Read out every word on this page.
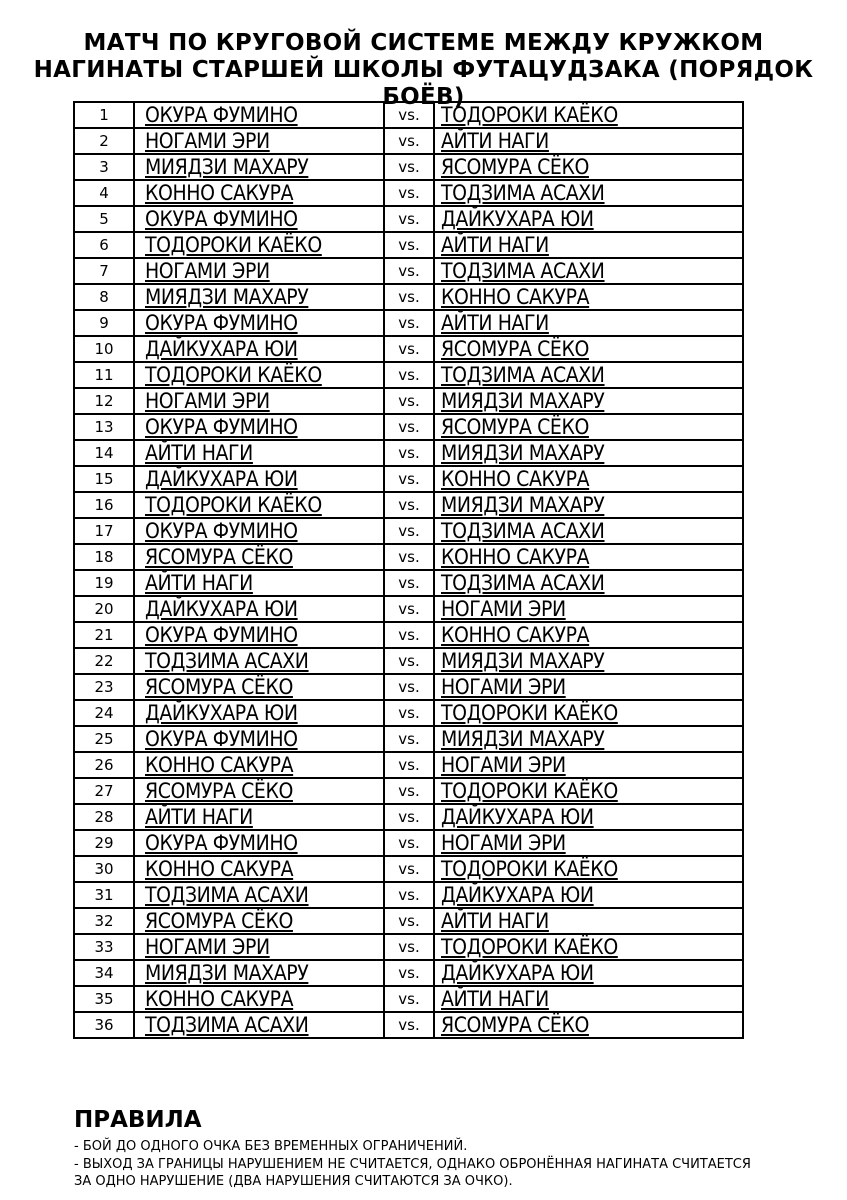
МАТЧ ПО КРУГОВОЙ СИСТЕМЕ МЕЖДУ КРУЖКОМ
НАГИНАТЫ СТАРШЕЙ ШКОЛЫ ФУТАЦУДЗАКА (ПОРЯДОК БОЁВ)
1	ОКУРА ФУМИНО	vs.	ТОДОРОКИ КАЁКО
2	НОГАМИ ЭРИ	vs.	АЙТИ НАГИ
3	МИЯДЗИ МАХАРУ	vs.	ЯСОМУРА СЁКО
4	КОННО САКУРА	vs.	ТОДЗИМА АСАХИ
5	ОКУРА ФУМИНО	vs.	ДАЙКУХАРА ЮИ
6	ТОДОРОКИ КАЁКО	vs.	АЙТИ НАГИ
7	НОГАМИ ЭРИ	vs.	ТОДЗИМА АСАХИ
8	МИЯДЗИ МАХАРУ	vs.	КОННО САКУРА
9	ОКУРА ФУМИНО	vs.	АЙТИ НАГИ
10	ДАЙКУХАРА ЮИ	vs.	ЯСОМУРА СЁКО
11	ТОДОРОКИ КАЁКО	vs.	ТОДЗИМА АСАХИ
12	НОГАМИ ЭРИ	vs.	МИЯДЗИ МАХАРУ
13	ОКУРА ФУМИНО	vs.	ЯСОМУРА СЁКО
14	АЙТИ НАГИ	vs.	МИЯДЗИ МАХАРУ
15	ДАЙКУХАРА ЮИ	vs.	КОННО САКУРА
16	ТОДОРОКИ КАЁКО	vs.	МИЯДЗИ МАХАРУ
17	ОКУРА ФУМИНО	vs.	ТОДЗИМА АСАХИ
18	ЯСОМУРА СЁКО	vs.	КОННО САКУРА
19	АЙТИ НАГИ	vs.	ТОДЗИМА АСАХИ
20	ДАЙКУХАРА ЮИ	vs.	НОГАМИ ЭРИ
21	ОКУРА ФУМИНО	vs.	КОННО САКУРА
22	ТОДЗИМА АСАХИ	vs.	МИЯДЗИ МАХАРУ
23	ЯСОМУРА СЁКО	vs.	НОГАМИ ЭРИ
24	ДАЙКУХАРА ЮИ	vs.	ТОДОРОКИ КАЁКО
25	ОКУРА ФУМИНО	vs.	МИЯДЗИ МАХАРУ
26	КОННО САКУРА	vs.	НОГАМИ ЭРИ
27	ЯСОМУРА СЁКО	vs.	ТОДОРОКИ КАЁКО
28	АЙТИ НАГИ	vs.	ДАЙКУХАРА ЮИ
29	ОКУРА ФУМИНО	vs.	НОГАМИ ЭРИ
30	КОННО САКУРА	vs.	ТОДОРОКИ КАЁКО
31	ТОДЗИМА АСАХИ	vs.	ДАЙКУХАРА ЮИ
32	ЯСОМУРА СЁКО	vs.	АЙТИ НАГИ
33	НОГАМИ ЭРИ	vs.	ТОДОРОКИ КАЁКО
34	МИЯДЗИ МАХАРУ	vs.	ДАЙКУХАРА ЮИ
35	КОННО САКУРА	vs.	АЙТИ НАГИ
36	ТОДЗИМА АСАХИ	vs.	ЯСОМУРА СЁКО
ПРАВИЛА
- БОЙ ДО ОДНОГО ОЧКА БЕЗ ВРЕМЕННЫХ ОГРАНИЧЕНИЙ.
- ВЫХОД ЗА ГРАНИЦЫ НАРУШЕНИЕМ НЕ СЧИТАЕТСЯ, ОДНАКО ОБРОНЁННАЯ НАГИНАТА СЧИТАЕТСЯ ЗА ОДНО НАРУШЕНИЕ (ДВА НАРУШЕНИЯ СЧИТАЮТСЯ ЗА ОЧКО).
